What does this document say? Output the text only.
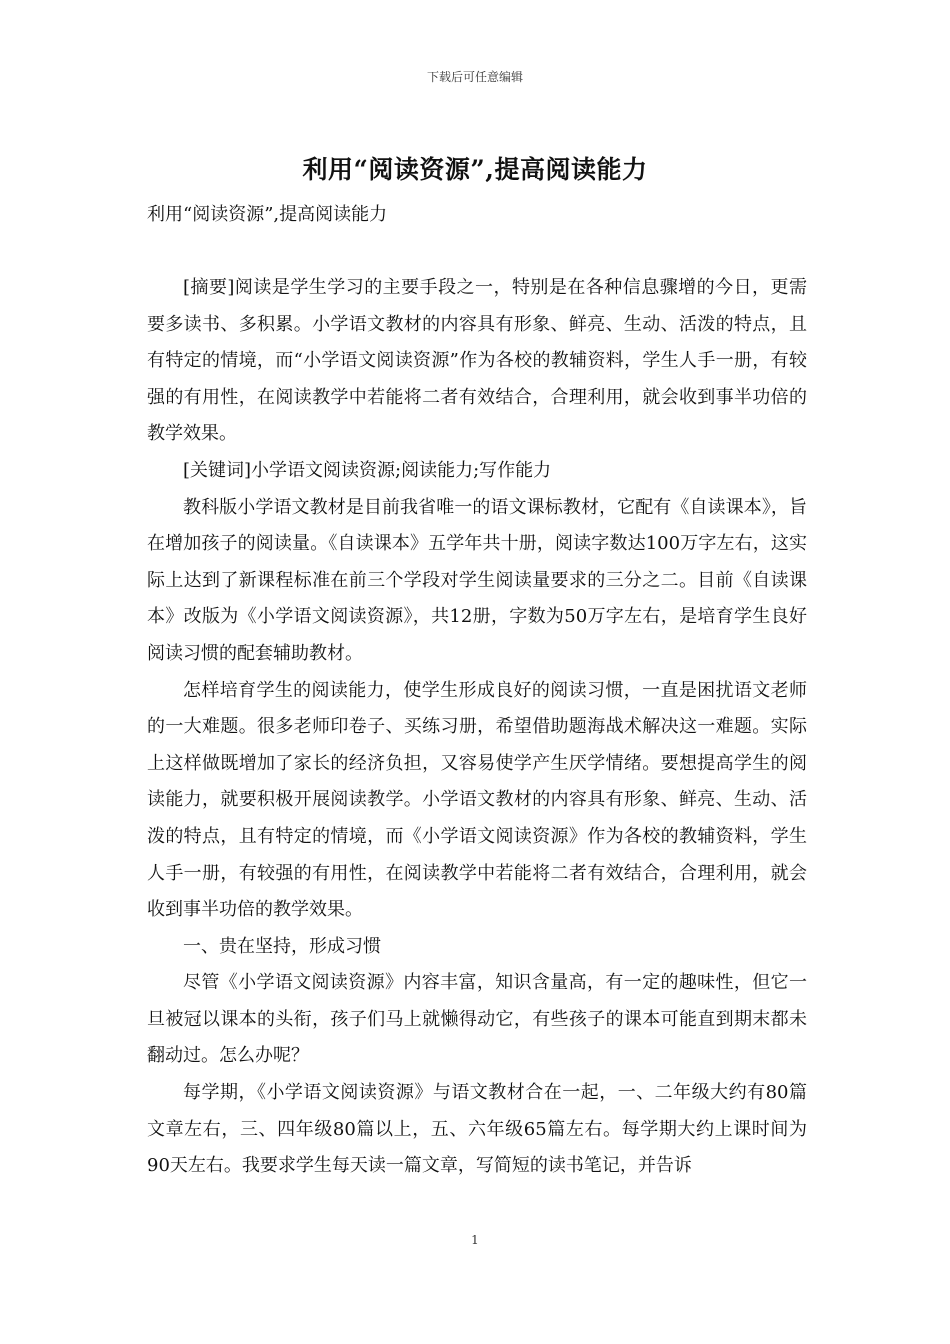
下载后可任意编辑
利用“阅读资源”,提高阅读能力
利用“阅读资源”,提高阅读能力

[摘要]阅读是学生学习的主要手段之一，特别是在各种信息骤增的今日，更需要多读书、多积累。小学语文教材的内容具有形象、鲜亮、生动、活泼的特点，且有特定的情境，而“小学语文阅读资源”作为各校的教辅资料，学生人手一册，有较强的有用性，在阅读教学中若能将二者有效结合，合理利用，就会收到事半功倍的教学效果。

[关键词]小学语文阅读资源;阅读能力;写作能力

教科版小学语文教材是目前我省唯一的语文课标教材，它配有《自读课本》，旨在增加孩子的阅读量。《自读课本》五学年共十册，阅读字数达100万字左右，这实际上达到了新课程标准在前三个学段对学生阅读量要求的三分之二。目前《自读课本》改版为《小学语文阅读资源》，共12册，字数为50万字左右，是培育学生良好阅读习惯的配套辅助教材。

怎样培育学生的阅读能力，使学生形成良好的阅读习惯，一直是困扰语文老师的一大难题。很多老师印卷子、买练习册，希望借助题海战术解决这一难题。实际上这样做既增加了家长的经济负担，又容易使学产生厌学情绪。要想提高学生的阅读能力，就要积极开展阅读教学。小学语文教材的内容具有形象、鲜亮、生动、活泼的特点，且有特定的情境，而《小学语文阅读资源》作为各校的教辅资料，学生人手一册，有较强的有用性，在阅读教学中若能将二者有效结合，合理利用，就会收到事半功倍的教学效果。

一、贵在坚持，形成习惯

尽管《小学语文阅读资源》内容丰富，知识含量高，有一定的趣味性，但它一旦被冠以课本的头衔，孩子们马上就懒得动它，有些孩子的课本可能直到期末都未翻动过。怎么办呢？

每学期，《小学语文阅读资源》与语文教材合在一起，一、二年级大约有80篇文章左右，三、四年级80篇以上，五、六年级65篇左右。每学期大约上课时间为90天左右。我要求学生每天读一篇文章，写简短的读书笔记，并告诉

1
